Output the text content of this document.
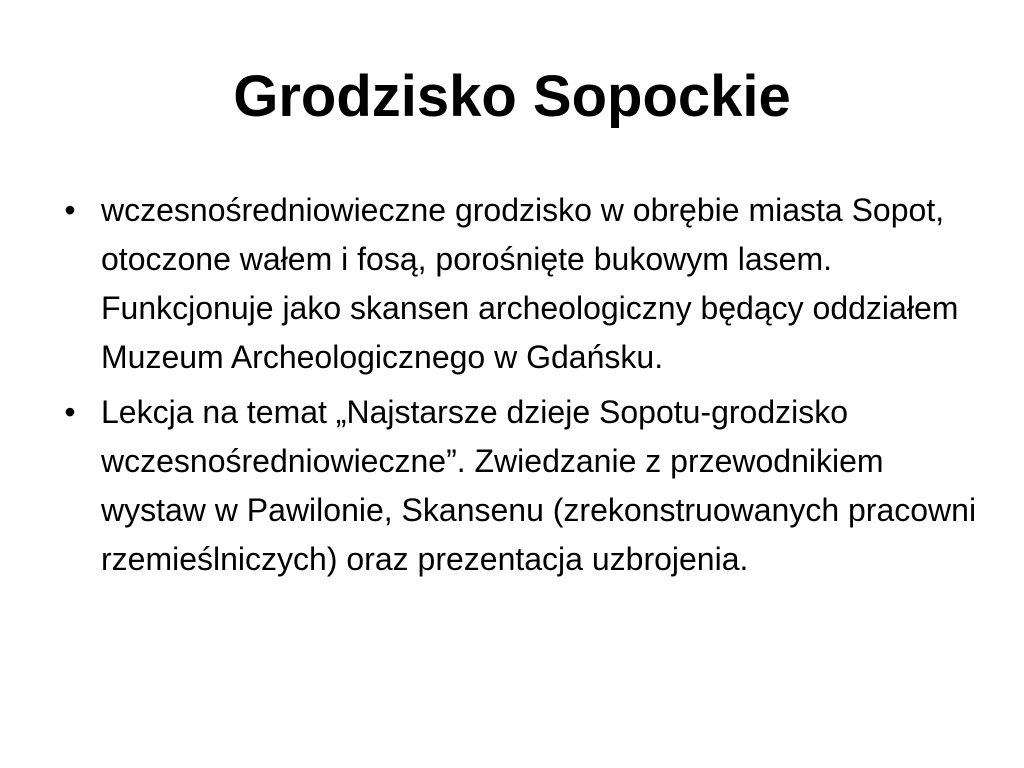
Grodzisko Sopockie
• wczesnośredniowieczne grodzisko w obrębie miasta Sopot, otoczone wałem i fosą, porośnięte bukowym lasem. Funkcjonuje jako skansen archeologiczny będący oddziałem Muzeum Archeologicznego w Gdańsku.
• Lekcja na temat „Najstarsze dzieje Sopotu-grodzisko wczesnośredniowieczne”. Zwiedzanie z przewodnikiem wystaw w Pawilonie, Skansenu (zrekonstruowanych pracowni rzemieślniczych) oraz prezentacja uzbrojenia.
